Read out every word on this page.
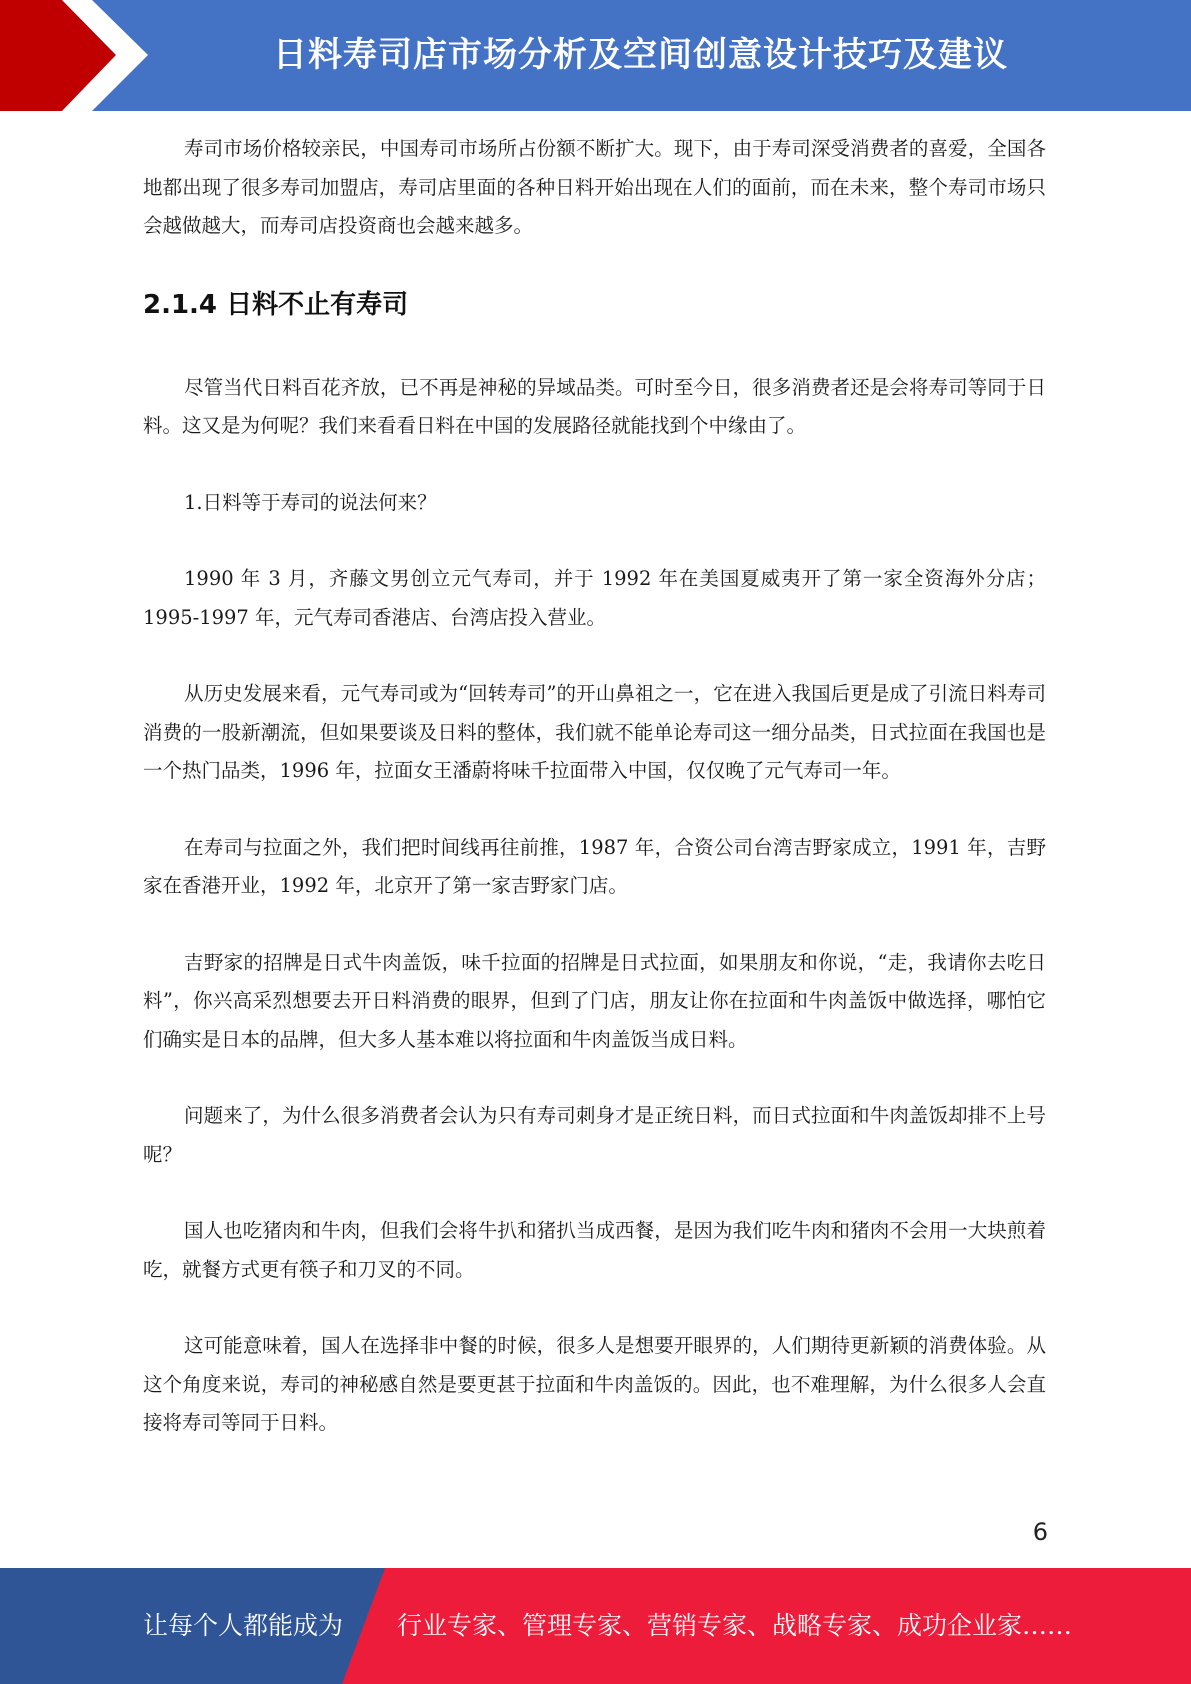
日料寿司店市场分析及空间创意设计技巧及建议

寿司市场价格较亲民，中国寿司市场所占份额不断扩大。现下，由于寿司深受消费者的喜爱，全国各地都出现了很多寿司加盟店，寿司店里面的各种日料开始出现在人们的面前，而在未来，整个寿司市场只会越做越大，而寿司店投资商也会越来越多。

2.1.4 日料不止有寿司

尽管当代日料百花齐放，已不再是神秘的异域品类。可时至今日，很多消费者还是会将寿司等同于日料。这又是为何呢？我们来看看日料在中国的发展路径就能找到个中缘由了。

1.日料等于寿司的说法何来？

1990 年 3 月，齐藤文男创立元气寿司，并于 1992 年在美国夏威夷开了第一家全资海外分店；1995-1997 年，元气寿司香港店、台湾店投入营业。

从历史发展来看，元气寿司或为“回转寿司”的开山鼻祖之一，它在进入我国后更是成了引流日料寿司消费的一股新潮流，但如果要谈及日料的整体，我们就不能单论寿司这一细分品类，日式拉面在我国也是一个热门品类，1996 年，拉面女王潘蔚将味千拉面带入中国，仅仅晚了元气寿司一年。

在寿司与拉面之外，我们把时间线再往前推，1987 年，合资公司台湾吉野家成立，1991 年，吉野家在香港开业，1992 年，北京开了第一家吉野家门店。

吉野家的招牌是日式牛肉盖饭，味千拉面的招牌是日式拉面，如果朋友和你说，“走，我请你去吃日料”，你兴高采烈想要去开日料消费的眼界，但到了门店，朋友让你在拉面和牛肉盖饭中做选择，哪怕它们确实是日本的品牌，但大多人基本难以将拉面和牛肉盖饭当成日料。

问题来了，为什么很多消费者会认为只有寿司刺身才是正统日料，而日式拉面和牛肉盖饭却排不上号呢？

国人也吃猪肉和牛肉，但我们会将牛扒和猪扒当成西餐，是因为我们吃牛肉和猪肉不会用一大块煎着吃，就餐方式更有筷子和刀叉的不同。

这可能意味着，国人在选择非中餐的时候，很多人是想要开眼界的，人们期待更新颖的消费体验。从这个角度来说，寿司的神秘感自然是要更甚于拉面和牛肉盖饭的。因此，也不难理解，为什么很多人会直接将寿司等同于日料。

6
让每个人都能成为 行业专家、管理专家、营销专家、战略专家、成功企业家……
